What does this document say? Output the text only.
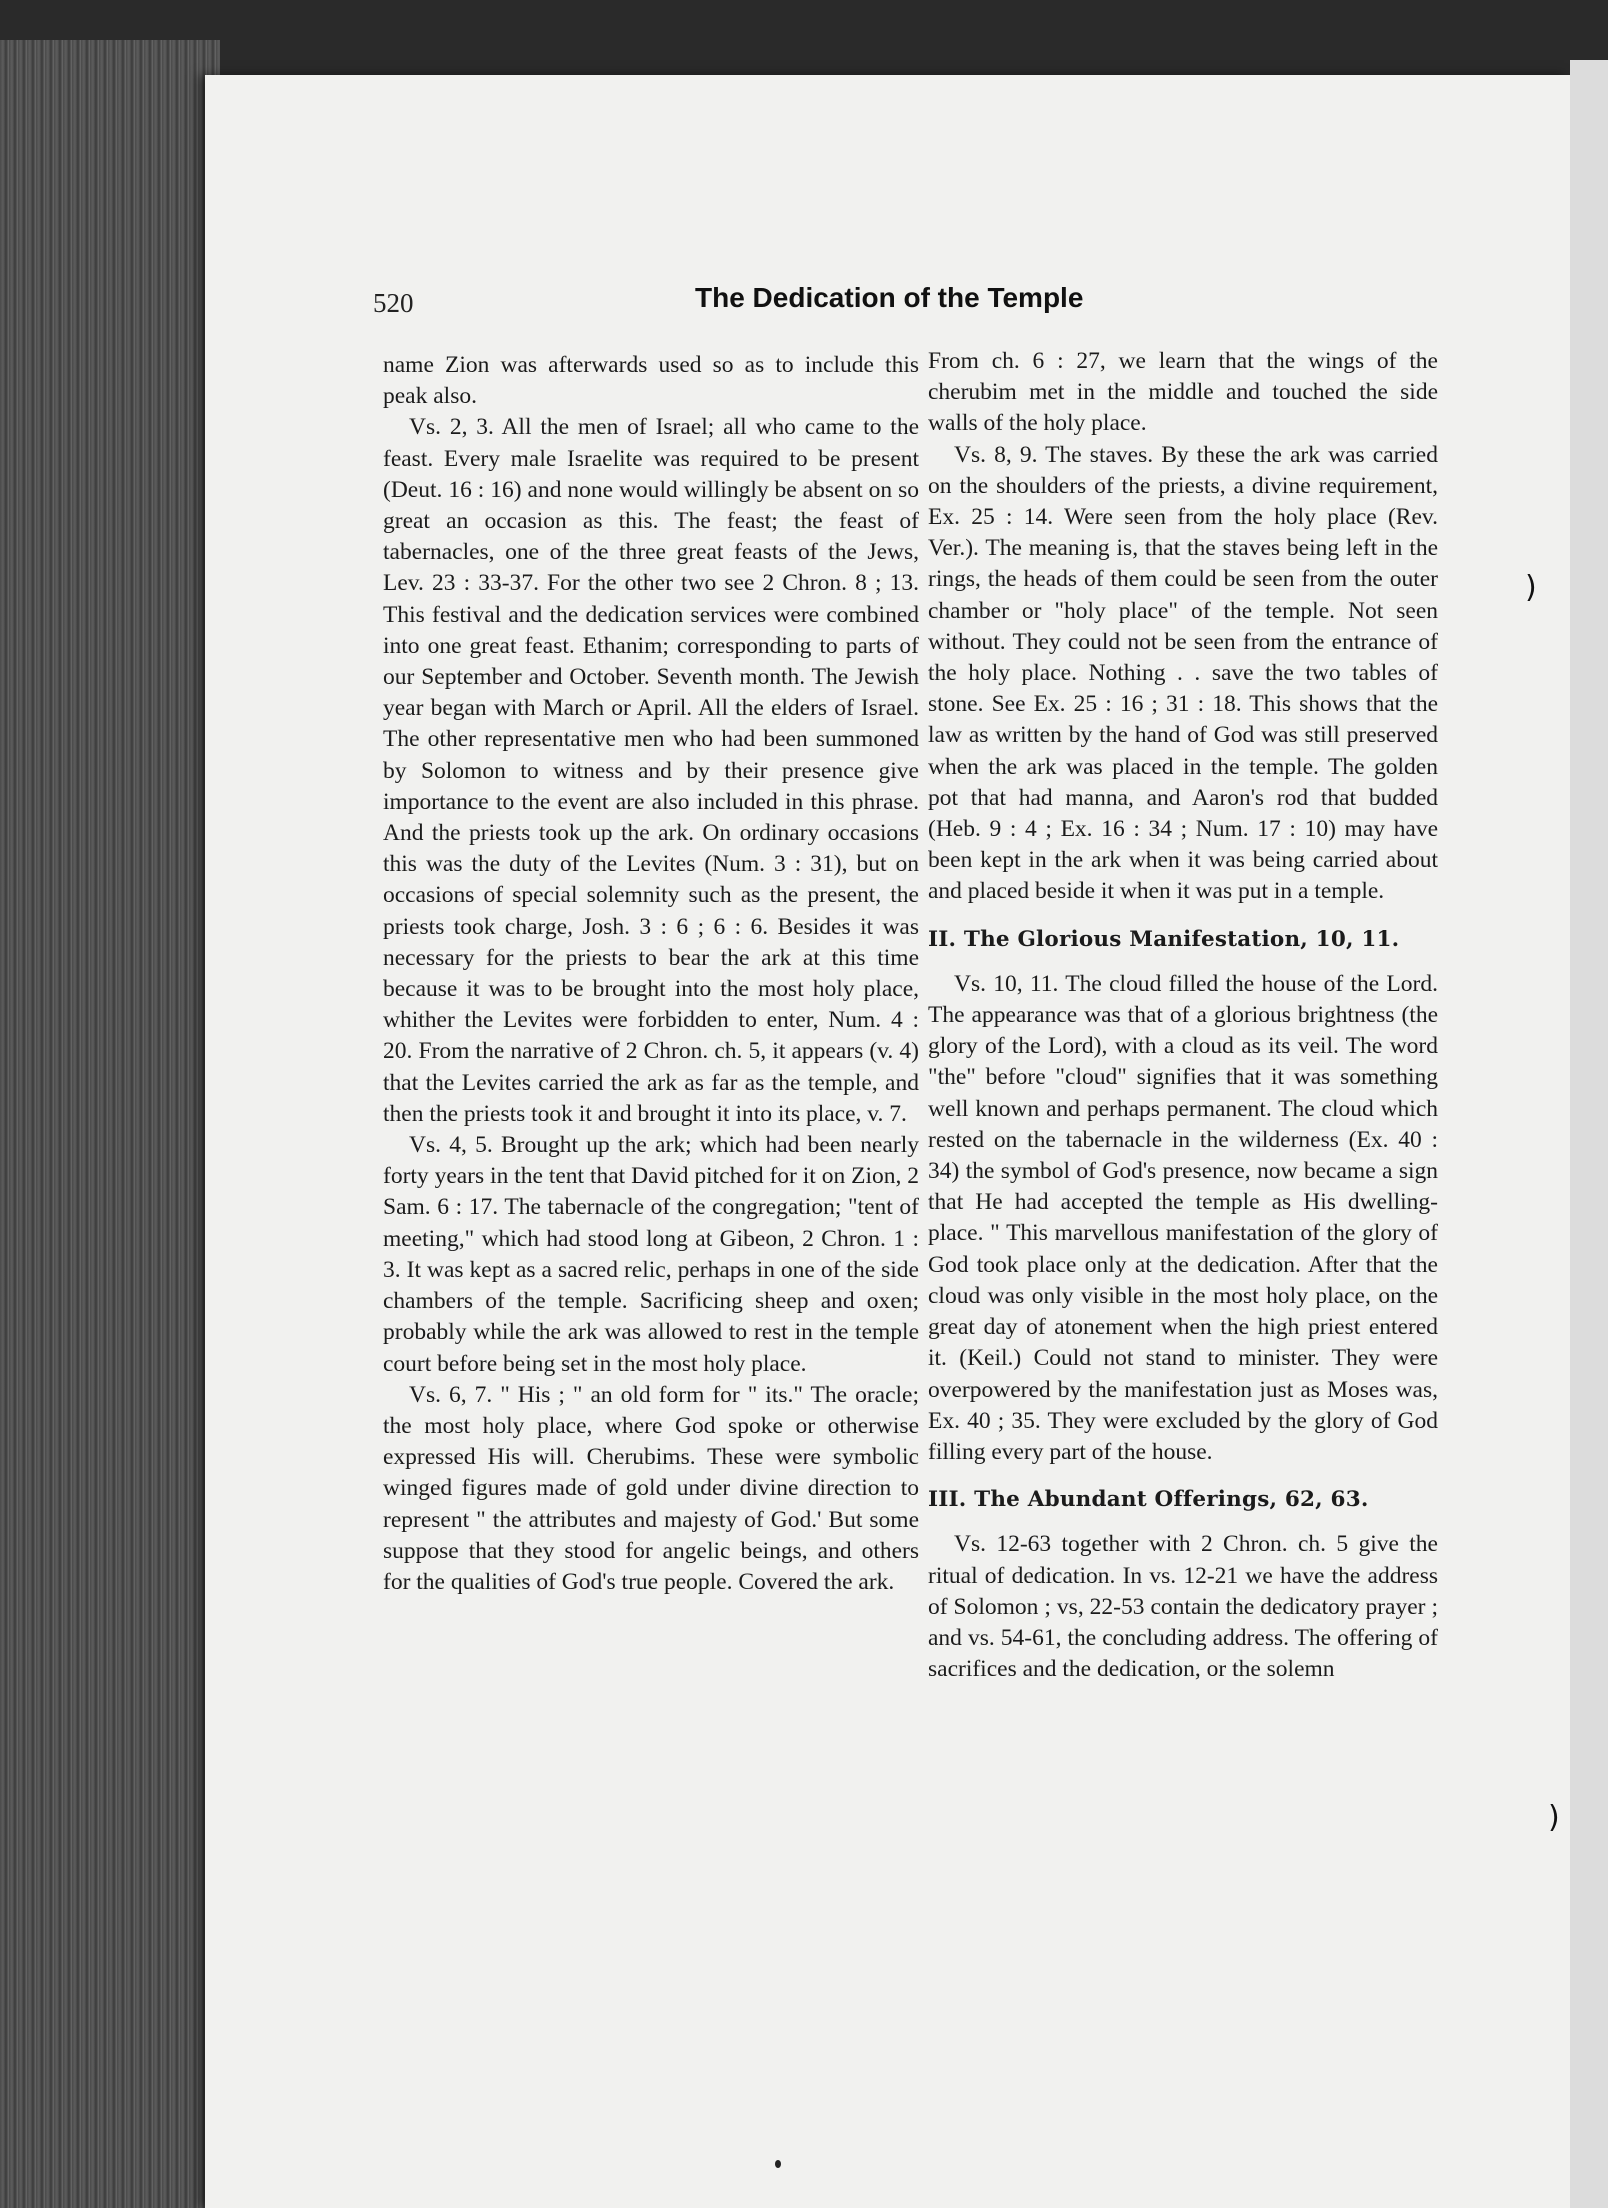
520	The Dedication of the Temple

name Zion was afterwards used so as to include this peak also.

Vs. 2, 3. All the men of Israel; all who came to the feast. Every male Israelite was required to be present (Deut. 16 : 16) and none would willingly be absent on so great an occasion as this. The feast; the feast of tabernacles, one of the three great feasts of the Jews, Lev. 23 : 33-37. For the other two see 2 Chron. 8 ; 13. This festival and the dedication services were combined into one great feast. Ethanim; corresponding to parts of our September and October. Seventh month. The Jewish year began with March or April. All the elders of Israel. The other representative men who had been summoned by Solomon to witness and by their presence give importance to the event are also included in this phrase. And the priests took up the ark. On ordinary occasions this was the duty of the Levites (Num. 3 : 31), but on occasions of special solemnity such as the present, the priests took charge, Josh. 3 : 6 ; 6 : 6. Besides it was necessary for the priests to bear the ark at this time because it was to be brought into the most holy place, whither the Levites were forbidden to enter, Num. 4 : 20. From the narrative of 2 Chron. ch. 5, it appears (v. 4) that the Levites carried the ark as far as the temple, and then the priests took it and brought it into its place, v. 7.

Vs. 4, 5. Brought up the ark; which had been nearly forty years in the tent that David pitched for it on Zion, 2 Sam. 6 : 17. The tabernacle of the congregation; "tent of meeting," which had stood long at Gibeon, 2 Chron. 1 : 3. It was kept as a sacred relic, perhaps in one of the side chambers of the temple. Sacrificing sheep and oxen; probably while the ark was allowed to rest in the temple court before being set in the most holy place.

Vs. 6, 7. " His ; " an old form for " its." The oracle; the most holy place, where God spoke or otherwise expressed His will. Cherubims. These were symbolic winged figures made of gold under divine direction to represent " the attributes and majesty of God.' But some suppose that they stood for angelic beings, and others for the qualities of God's true people. Covered the ark.

From ch. 6 : 27, we learn that the wings of the cherubim met in the middle and touched the side walls of the holy place.

Vs. 8, 9. The staves. By these the ark was carried on the shoulders of the priests, a divine requirement, Ex. 25 : 14. Were seen from the holy place (Rev. Ver.). The meaning is, that the staves being left in the rings, the heads of them could be seen from the outer chamber or "holy place" of the temple. Not seen without. They could not be seen from the entrance of the holy place. Nothing . . save the two tables of stone. See Ex. 25 : 16 ; 31 : 18. This shows that the law as written by the hand of God was still preserved when the ark was placed in the temple. The golden pot that had manna, and Aaron's rod that budded (Heb. 9 : 4 ; Ex. 16 : 34 ; Num. 17 : 10) may have been kept in the ark when it was being carried about and placed beside it when it was put in a temple.

II. The Glorious Manifestation, 10, 11.

Vs. 10, 11. The cloud filled the house of the Lord. The appearance was that of a glorious brightness (the glory of the Lord), with a cloud as its veil. The word "the" before "cloud" signifies that it was something well known and perhaps permanent. The cloud which rested on the tabernacle in the wilderness (Ex. 40 : 34) the symbol of God's presence, now became a sign that He had accepted the temple as His dwelling-place. " This marvellous manifestation of the glory of God took place only at the dedication. After that the cloud was only visible in the most holy place, on the great day of atonement when the high priest entered it. (Keil.) Could not stand to minister. They were overpowered by the manifestation just as Moses was, Ex. 40 ; 35. They were excluded by the glory of God filling every part of the house.

III. The Abundant Offerings, 62, 63.

Vs. 12-63 together with 2 Chron. ch. 5 give the ritual of dedication. In vs. 12-21 we have the address of Solomon ; vs, 22-53 contain the dedicatory prayer ; and vs. 54-61, the concluding address. The offering of sacrifices and the dedication, or the solemn

)
)
